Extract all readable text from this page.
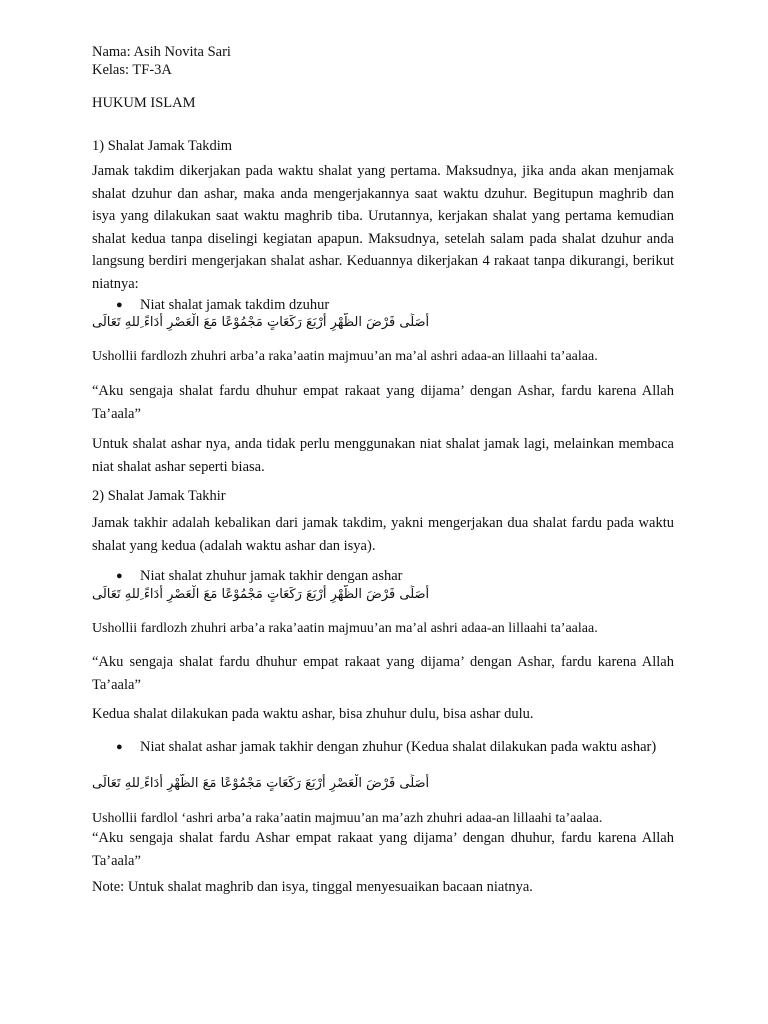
Nama: Asih Novita Sari

Kelas: TF-3A

HUKUM ISLAM

1) Shalat Jamak Takdim

Jamak takdim dikerjakan pada waktu shalat yang pertama. Maksudnya, jika anda akan menjamak shalat dzuhur dan ashar, maka anda mengerjakannya saat waktu dzuhur. Begitupun maghrib dan isya yang dilakukan saat waktu maghrib tiba. Urutannya, kerjakan shalat yang pertama kemudian shalat kedua tanpa diselingi kegiatan apapun. Maksudnya, setelah salam pada shalat dzuhur anda langsung berdiri mengerjakan shalat ashar. Keduannya dikerjakan 4 rakaat tanpa dikurangi, berikut niatnya:

● Niat shalat jamak takdim dzuhur

أُصَلِّى فَرْضَ الظُّهْرِ أَرْبَعَ رَكَعَاتٍ مَجْمُوْعًا مَعَ الْعَصْرِ أَدَاءً ِللهِ تَعَالَى

Ushollii fardlozh zhuhri arba’a raka’aatin majmuu’an ma’al ashri adaa-an lillaahi ta’aalaa.

“Aku sengaja shalat fardu dhuhur empat rakaat yang dijama’ dengan Ashar, fardu karena Allah Ta’aala”

Untuk shalat ashar nya, anda tidak perlu menggunakan niat shalat jamak lagi, melainkan membaca niat shalat ashar seperti biasa.

2) Shalat Jamak Takhir

Jamak takhir adalah kebalikan dari jamak takdim, yakni mengerjakan dua shalat fardu pada waktu shalat yang kedua (adalah waktu ashar dan isya).

● Niat shalat zhuhur jamak takhir dengan ashar

أُصَلِّى فَرْضَ الظُّهْرِ أَرْبَعَ رَكَعَاتٍ مَجْمُوْعًا مَعَ الْعَصْرِ أَدَاءً ِللهِ تَعَالَى

Ushollii fardlozh zhuhri arba’a raka’aatin majmuu’an ma’al ashri adaa-an lillaahi ta’aalaa.

“Aku sengaja shalat fardu dhuhur empat rakaat yang dijama’ dengan Ashar, fardu karena Allah Ta’aala”

Kedua shalat dilakukan pada waktu ashar, bisa zhuhur dulu, bisa ashar dulu.

● Niat shalat ashar jamak takhir dengan zhuhur (Kedua shalat dilakukan pada waktu ashar)

أُصَلِّى فَرْضَ الْعَصْرِ أَرْبَعَ رَكَعَاتٍ مَجْمُوْعًا مَعَ الظُّهْرِ أَدَاءً ِللهِ تَعَالَى

Ushollii fardlol ‘ashri arba’a raka’aatin majmuu’an ma’azh zhuhri adaa-an lillaahi ta’aalaa.

“Aku sengaja shalat fardu Ashar empat rakaat yang dijama’ dengan dhuhur, fardu karena Allah Ta’aala”

Note: Untuk shalat maghrib dan isya, tinggal menyesuaikan bacaan niatnya.
